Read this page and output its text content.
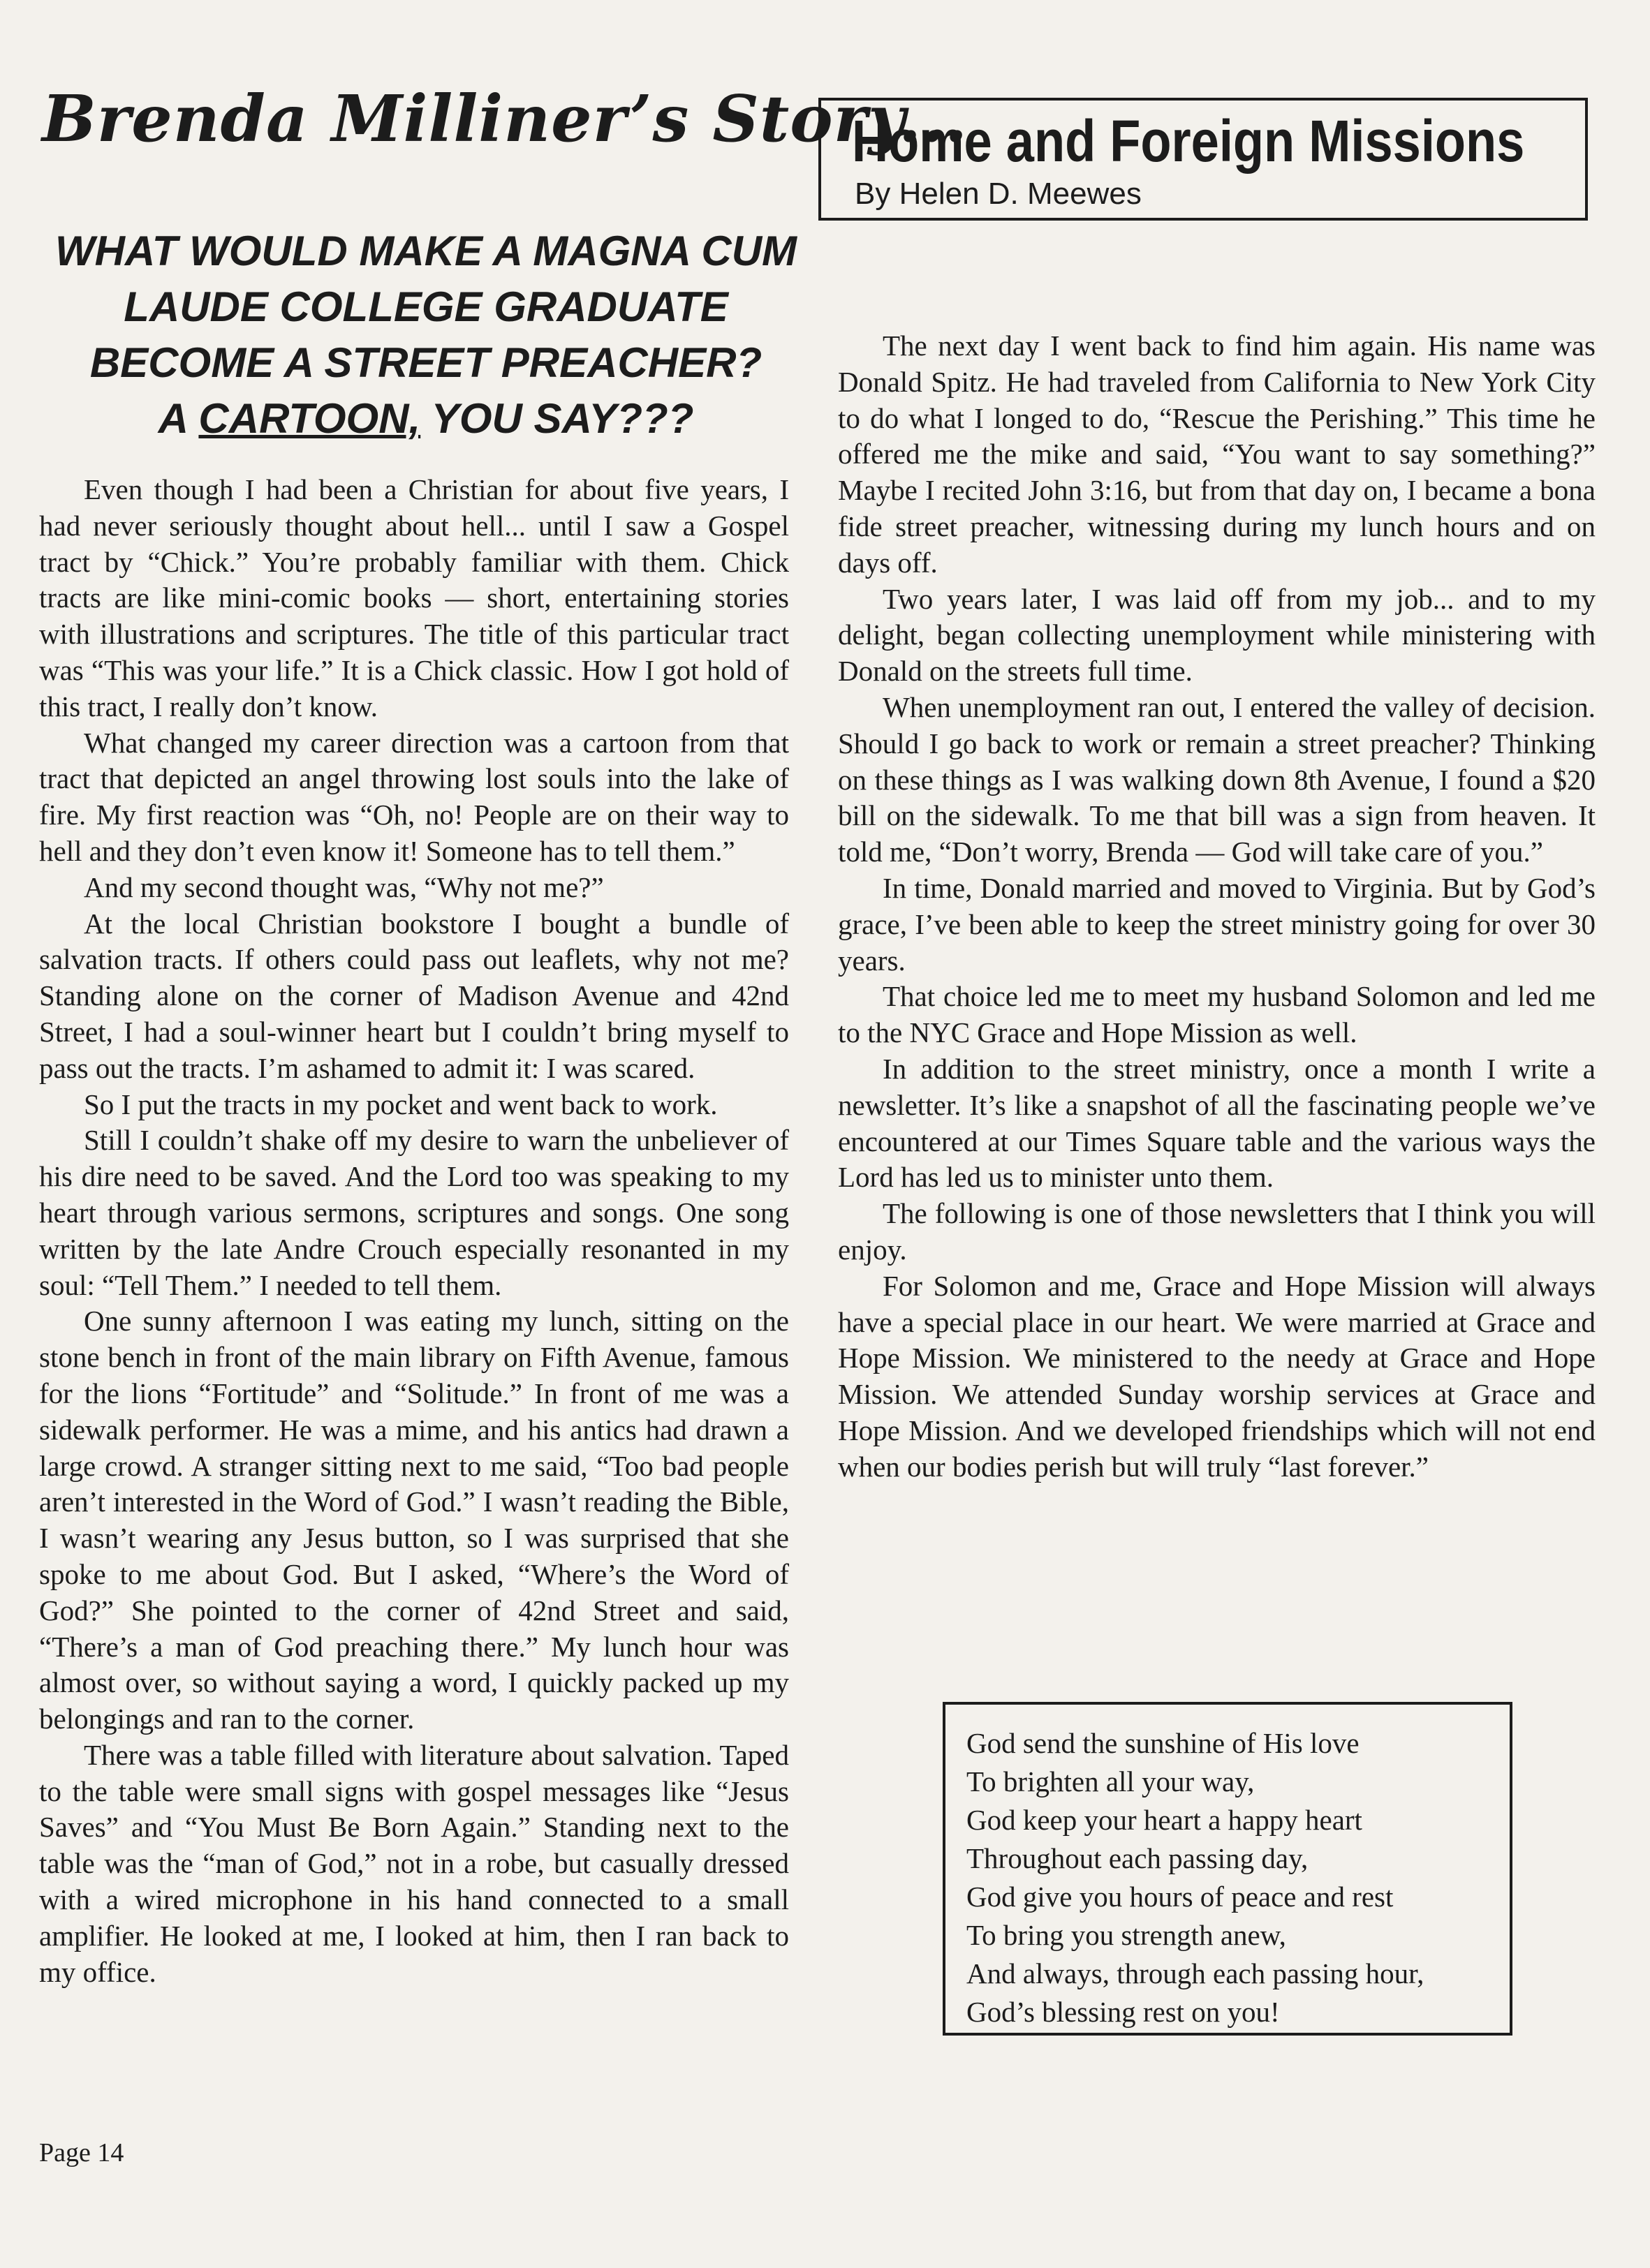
Brenda Milliner’s Story...
WHAT WOULD MAKE A MAGNA CUM
LAUDE COLLEGE GRADUATE
BECOME A STREET PREACHER?
A CARTOON, YOU SAY???

Even though I had been a Christian for about five years, I had never seriously thought about hell... until I saw a Gospel tract by “Chick.” You’re probably familiar with them. Chick tracts are like mini-comic books — short, entertaining stories with illustrations and scriptures. The title of this particular tract was “This was your life.” It is a Chick classic. How I got hold of this tract, I really don’t know.

What changed my career direction was a cartoon from that tract that depicted an angel throwing lost souls into the lake of fire. My first reaction was “Oh, no! People are on their way to hell and they don’t even know it! Someone has to tell them.”

And my second thought was, “Why not me?”

At the local Christian bookstore I bought a bundle of salvation tracts. If others could pass out leaflets, why not me? Standing alone on the corner of Madison Avenue and 42nd Street, I had a soul-winner heart but I couldn’t bring myself to pass out the tracts. I’m ashamed to admit it: I was scared.

So I put the tracts in my pocket and went back to work.

Still I couldn’t shake off my desire to warn the unbeliever of his dire need to be saved. And the Lord too was speaking to my heart through various sermons, scriptures and songs. One song written by the late Andre Crouch especially resonanted in my soul: “Tell Them.” I needed to tell them.

One sunny afternoon I was eating my lunch, sitting on the stone bench in front of the main library on Fifth Avenue, famous for the lions “Fortitude” and “Solitude.” In front of me was a sidewalk performer. He was a mime, and his antics had drawn a large crowd. A stranger sitting next to me said, “Too bad people aren’t interested in the Word of God.” I wasn’t reading the Bible, I wasn’t wearing any Jesus button, so I was surprised that she spoke to me about God. But I asked, “Where’s the Word of God?” She pointed to the corner of 42nd Street and said, “There’s a man of God preaching there.” My lunch hour was almost over, so without saying a word, I quickly packed up my belongings and ran to the corner.

There was a table filled with literature about salvation. Taped to the table were small signs with gospel messages like “Jesus Saves” and “You Must Be Born Again.” Standing next to the table was the “man of God,” not in a robe, but casually dressed with a wired microphone in his hand connected to a small amplifier. He looked at me, I looked at him, then I ran back to my office.

Home and Foreign Missions
By Helen D. Meewes

The next day I went back to find him again. His name was Donald Spitz. He had traveled from California to New York City to do what I longed to do, “Rescue the Perishing.” This time he offered me the mike and said, “You want to say something?” Maybe I recited John 3:16, but from that day on, I became a bona fide street preacher, witnessing during my lunch hours and on days off.

Two years later, I was laid off from my job... and to my delight, began collecting unemployment while ministering with Donald on the streets full time.

When unemployment ran out, I entered the valley of decision. Should I go back to work or remain a street preacher? Thinking on these things as I was walking down 8th Avenue, I found a $20 bill on the sidewalk. To me that bill was a sign from heaven. It told me, “Don’t worry, Brenda — God will take care of you.”

In time, Donald married and moved to Virginia. But by God’s grace, I’ve been able to keep the street ministry going for over 30 years.

That choice led me to meet my husband Solomon and led me to the NYC Grace and Hope Mission as well.

In addition to the street ministry, once a month I write a newsletter. It’s like a snapshot of all the fascinating people we’ve encountered at our Times Square table and the various ways the Lord has led us to minister unto them.

The following is one of those newsletters that I think you will enjoy.

For Solomon and me, Grace and Hope Mission will always have a special place in our heart. We were married at Grace and Hope Mission. We ministered to the needy at Grace and Hope Mission. We attended Sunday worship services at Grace and Hope Mission. And we developed friendships which will not end when our bodies perish but will truly “last forever.”

God send the sunshine of His love
To brighten all your way,
God keep your heart a happy heart
Throughout each passing day,
God give you hours of peace and rest
To bring you strength anew,
And always, through each passing hour,
God’s blessing rest on you!
Page 14
